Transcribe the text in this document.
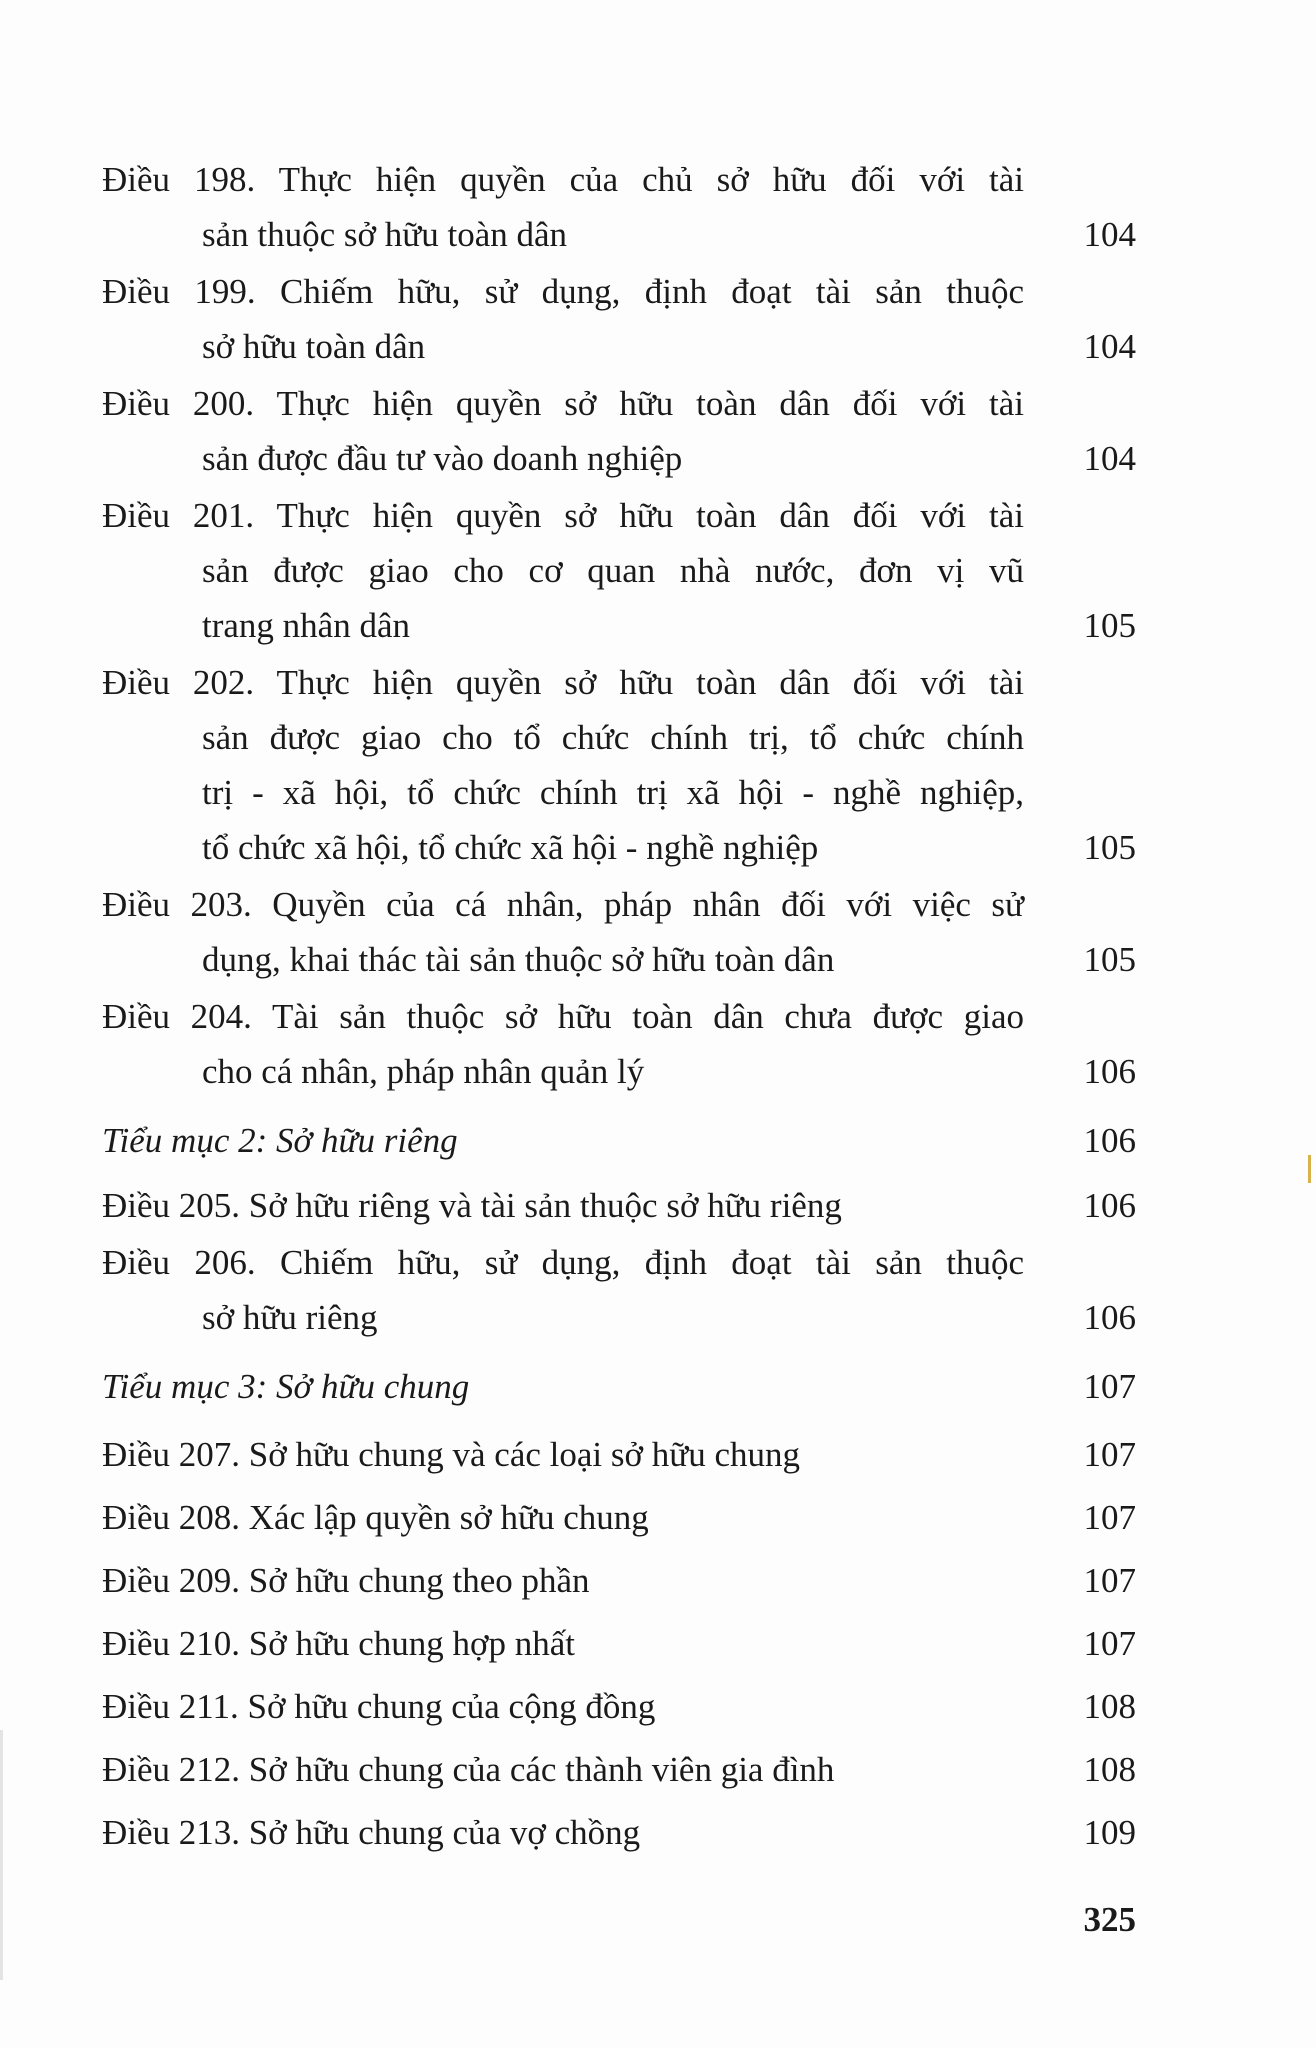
Điều 198. Thực hiện quyền của chủ sở hữu đối với tài
sản thuộc sở hữu toàn dân	104
Điều 199. Chiếm hữu, sử dụng, định đoạt tài sản thuộc
sở hữu toàn dân	104
Điều 200. Thực hiện quyền sở hữu toàn dân đối với tài
sản được đầu tư vào doanh nghiệp	104
Điều 201. Thực hiện quyền sở hữu toàn dân đối với tài
sản được giao cho cơ quan nhà nước, đơn vị vũ
trang nhân dân	105
Điều 202. Thực hiện quyền sở hữu toàn dân đối với tài
sản được giao cho tổ chức chính trị, tổ chức chính
trị - xã hội, tổ chức chính trị xã hội - nghề nghiệp,
tổ chức xã hội, tổ chức xã hội - nghề nghiệp	105
Điều 203. Quyền của cá nhân, pháp nhân đối với việc sử
dụng, khai thác tài sản thuộc sở hữu toàn dân	105
Điều 204. Tài sản thuộc sở hữu toàn dân chưa được giao
cho cá nhân, pháp nhân quản lý	106
Tiểu mục 2: Sở hữu riêng	106
Điều 205. Sở hữu riêng và tài sản thuộc sở hữu riêng	106
Điều 206. Chiếm hữu, sử dụng, định đoạt tài sản thuộc
sở hữu riêng	106
Tiểu mục 3: Sở hữu chung	107
Điều 207. Sở hữu chung và các loại sở hữu chung	107
Điều 208. Xác lập quyền sở hữu chung	107
Điều 209. Sở hữu chung theo phần	107
Điều 210. Sở hữu chung hợp nhất	107
Điều 211. Sở hữu chung của cộng đồng	108
Điều 212. Sở hữu chung của các thành viên gia đình	108
Điều 213. Sở hữu chung của vợ chồng	109
325
